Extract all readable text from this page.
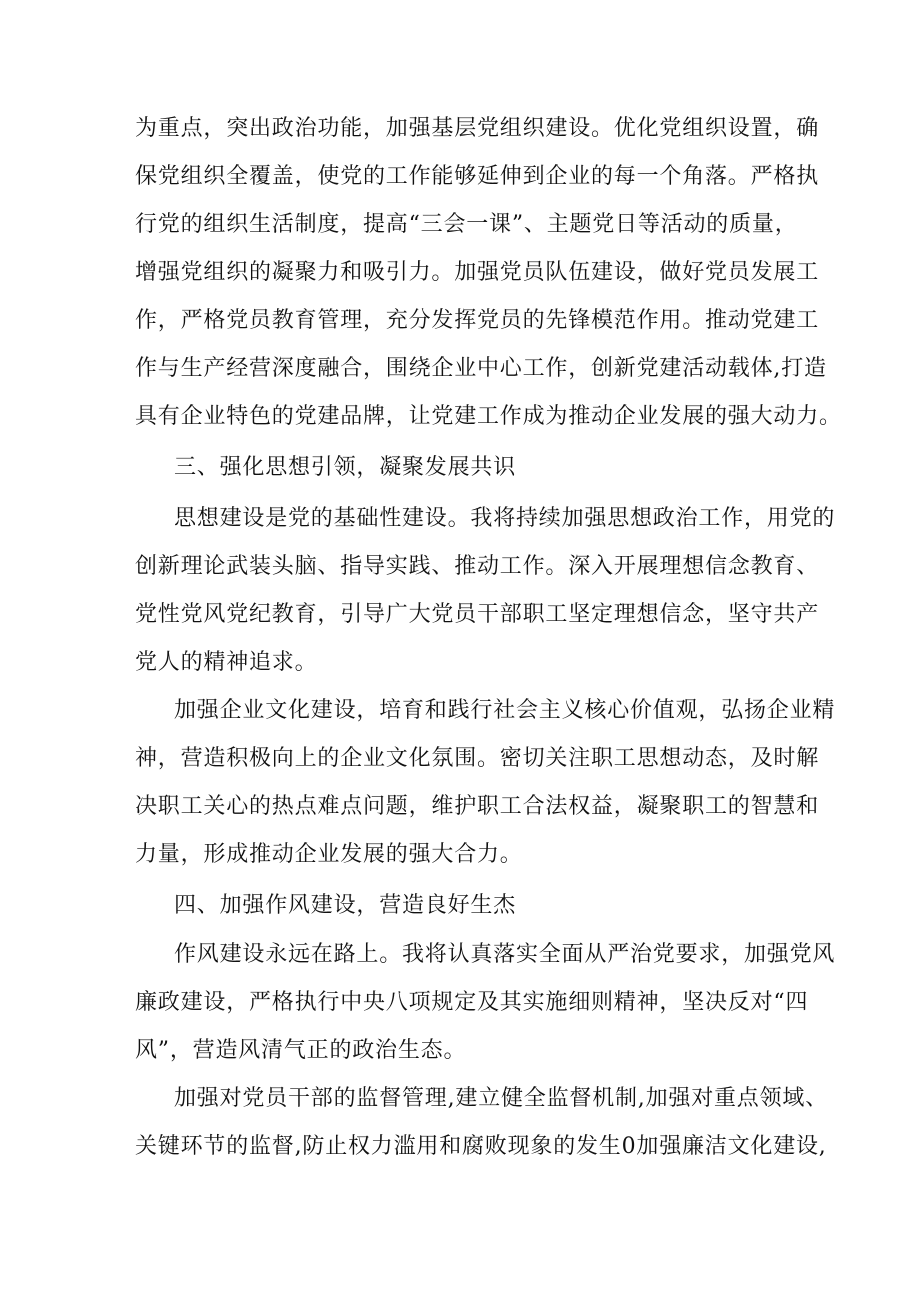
为重点，突出政治功能，加强基层党组织建设。优化党组织设置，确
保党组织全覆盖，使党的工作能够延伸到企业的每一个角落。严格执
行党的组织生活制度，提高“三会一课”、主题党日等活动的质量，
增强党组织的凝聚力和吸引力。加强党员队伍建设，做好党员发展工
作，严格党员教育管理，充分发挥党员的先锋模范作用。推动党建工
作与生产经营深度融合，围绕企业中心工作，创新党建活动载体,打造
具有企业特色的党建品牌，让党建工作成为推动企业发展的强大动力。
三、强化思想引领，凝聚发展共识
思想建设是党的基础性建设。我将持续加强思想政治工作，用党的
创新理论武装头脑、指导实践、推动工作。深入开展理想信念教育、
党性党风党纪教育，引导广大党员干部职工坚定理想信念，坚守共产
党人的精神追求。
加强企业文化建设，培育和践行社会主义核心价值观，弘扬企业精
神，营造积极向上的企业文化氛围。密切关注职工思想动态，及时解
决职工关心的热点难点问题，维护职工合法权益，凝聚职工的智慧和
力量，形成推动企业发展的强大合力。
四、加强作风建设，营造良好生杰
作风建设永远在路上。我将认真落实全面从严治党要求，加强党风
廉政建设，严格执行中央八项规定及其实施细则精神，坚决反对“四
风”，营造风清气正的政治生态。
加强对党员干部的监督管理,建立健全监督机制,加强对重点领域、
关键环节的监督,防止权力滥用和腐败现象的发生0加强廉洁文化建设,
